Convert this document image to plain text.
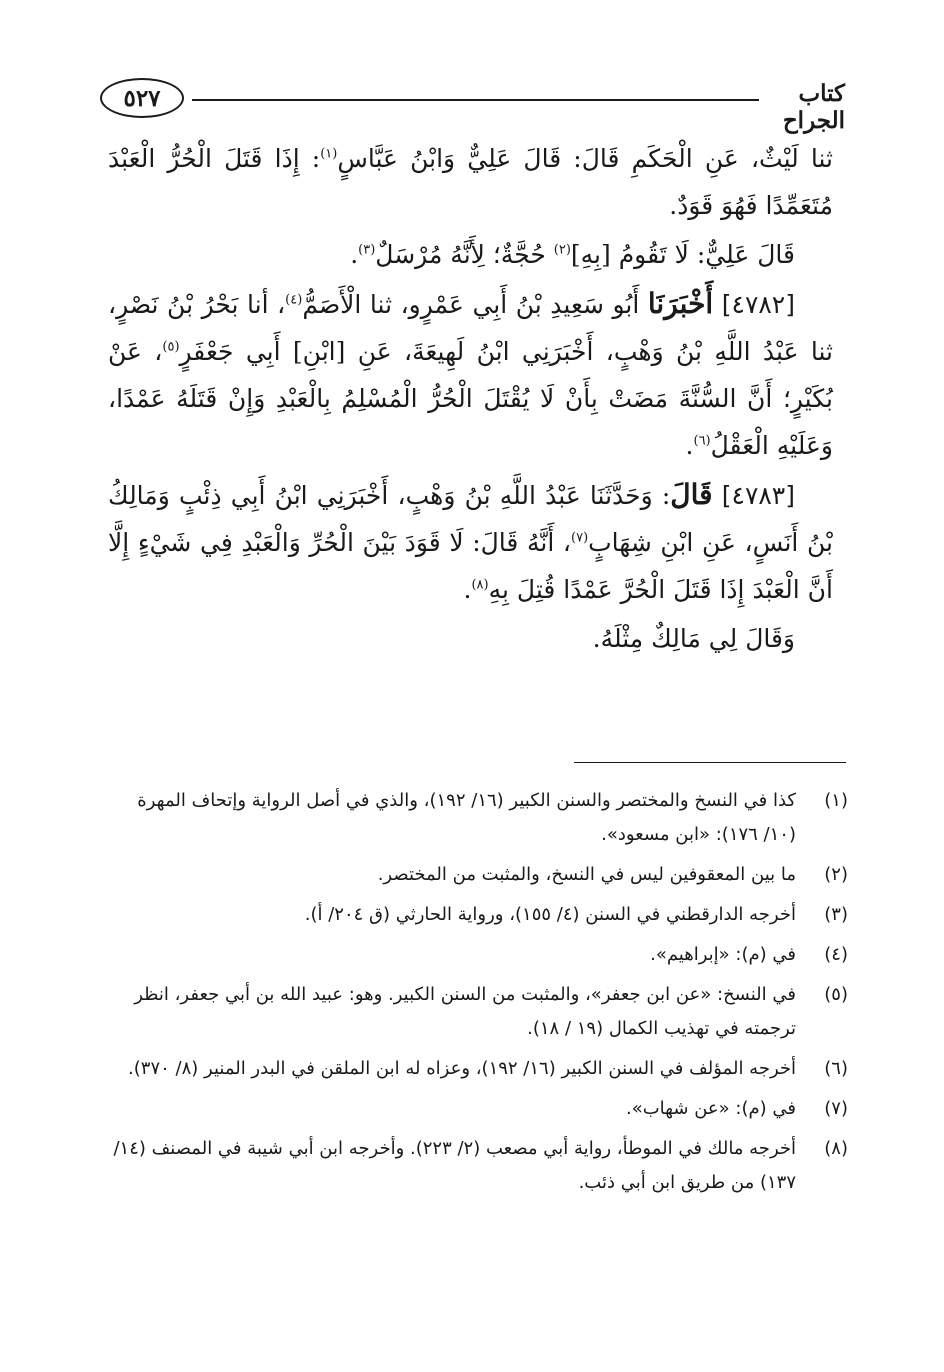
٥٢٧	كتاب الجراح

ثنا لَيْثٌ، عَنِ الْحَكَمِ قَالَ: قَالَ عَلِيٌّ وَابْنُ عَبَّاسٍ$^{(١)}$: إِذَا قَتَلَ الْحُرُّ الْعَبْدَ مُتَعَمِّدًا فَهُوَ قَوَدٌ.

قَالَ عَلِيٌّ: لَا تَقُومُ [بِهِ]$^{(٢)}$ حُجَّةٌ؛ لِأَنَّهُ مُرْسَلٌ$^{(٣)}$.

[٤٧٨٢] أَخْبَرَنَا أَبُو سَعِيدِ بْنُ أَبِي عَمْرٍو، ثنا الْأَصَمُّ$^{(٤)}$، أنا بَحْرُ بْنُ نَصْرٍ، ثنا عَبْدُ اللَّهِ بْنُ وَهْبٍ، أَخْبَرَنِي ابْنُ لَهِيعَةَ، عَنِ [ابْنِ] أَبِي جَعْفَرٍ$^{(٥)}$، عَنْ بُكَيْرٍ؛ أَنَّ السُّنَّةَ مَضَتْ بِأَنْ لَا يُقْتَلَ الْحُرُّ الْمُسْلِمُ بِالْعَبْدِ وَإِنْ قَتَلَهُ عَمْدًا، وَعَلَيْهِ الْعَقْلُ$^{(٦)}$.

[٤٧٨٣] قَالَ: وَحَدَّثَنَا عَبْدُ اللَّهِ بْنُ وَهْبٍ، أَخْبَرَنِي ابْنُ أَبِي ذِئْبٍ وَمَالِكُ بْنُ أَنَسٍ، عَنِ ابْنِ شِهَابٍ$^{(٧)}$، أَنَّهُ قَالَ: لَا قَوَدَ بَيْنَ الْحُرِّ وَالْعَبْدِ فِي شَيْءٍ إِلَّا أَنَّ الْعَبْدَ إِذَا قَتَلَ الْحُرَّ عَمْدًا قُتِلَ بِهِ$^{(٨)}$.

وَقَالَ لِي مَالِكٌ مِثْلَهُ.

(١)
كذا في النسخ والمختصر والسنن الكبير (١٦/ ١٩٢)، والذي في أصل الرواية وإتحاف المهرة (١٠/ ١٧٦): «ابن مسعود».
(٢)
ما بين المعقوفين ليس في النسخ، والمثبت من المختصر.
(٣)
أخرجه الدارقطني في السنن (٤/ ١٥٥)، ورواية الحارثي (ق ٢٠٤/ أ).
(٤)
في (م): «إبراهيم».
(٥)
في النسخ: «عن ابن جعفر»، والمثبت من السنن الكبير. وهو: عبيد الله بن أبي جعفر، انظر ترجمته في تهذيب الكمال (١٩ / ١٨).
(٦)
أخرجه المؤلف في السنن الكبير (١٦/ ١٩٢)، وعزاه له ابن الملقن في البدر المنير (٨/ ٣٧٠).
(٧)
في (م): «عن شهاب».
(٨)
أخرجه مالك في الموطأ، رواية أبي مصعب (٢/ ٢٢٣). وأخرجه ابن أبي شيبة في المصنف (١٤/ ١٣٧) من طريق ابن أبي ذئب.
